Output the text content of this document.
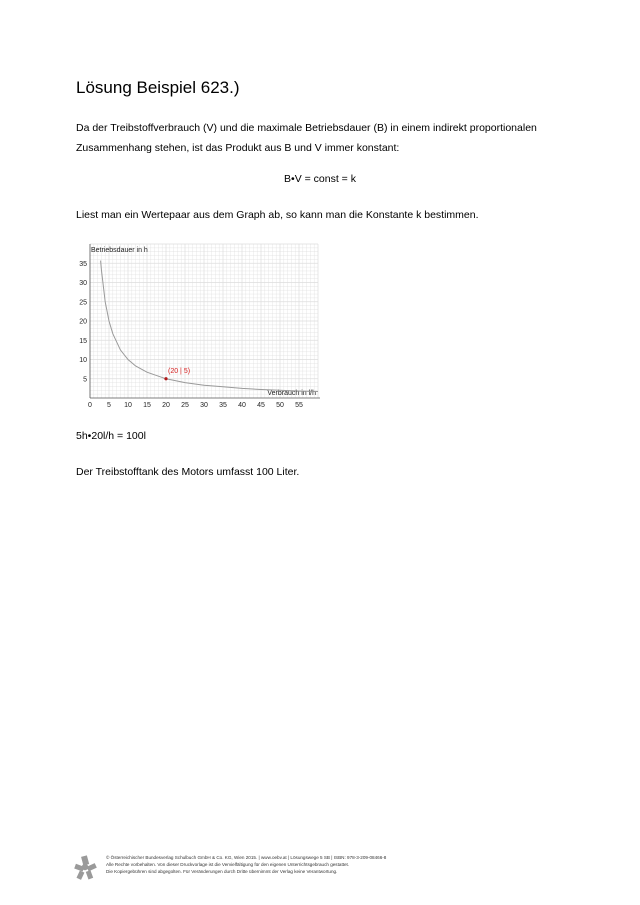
Lösung Beispiel 623.)

Da der Treibstoffverbrauch (V) und die maximale Betriebsdauer (B) in einem indirekt proportionalen Zusammenhang stehen, ist das Produkt aus B und V immer konstant:

B•V = const = k

Liest man ein Wertepaar aus dem Graph ab, so kann man die Konstante k bestimmen.

0 5 10 15 20 25 30 35 40 45 50 55
5
10
15
20
25
30
35
Betriebsdauer in h
Verbrauch in l/h
(20 | 5)

5h•20l/h = 100l

Der Treibstofftank des Motors umfasst 100 Liter.

© Österreichischer Bundesverlag Schulbuch GmbH & Co. KG, Wien 2015. | www.oebv.at | Lösungswege 5 SB | ISBN: 978-3-209-08466-8
Alle Rechte vorbehalten. Von dieser Druckvorlage ist die Vervielfältigung für den eigenen Unterrichtsgebrauch gestattet.
Die Kopiergebühren sind abgegolten. Für Veränderungen durch Dritte übernimmt der Verlag keine Verantwortung.
